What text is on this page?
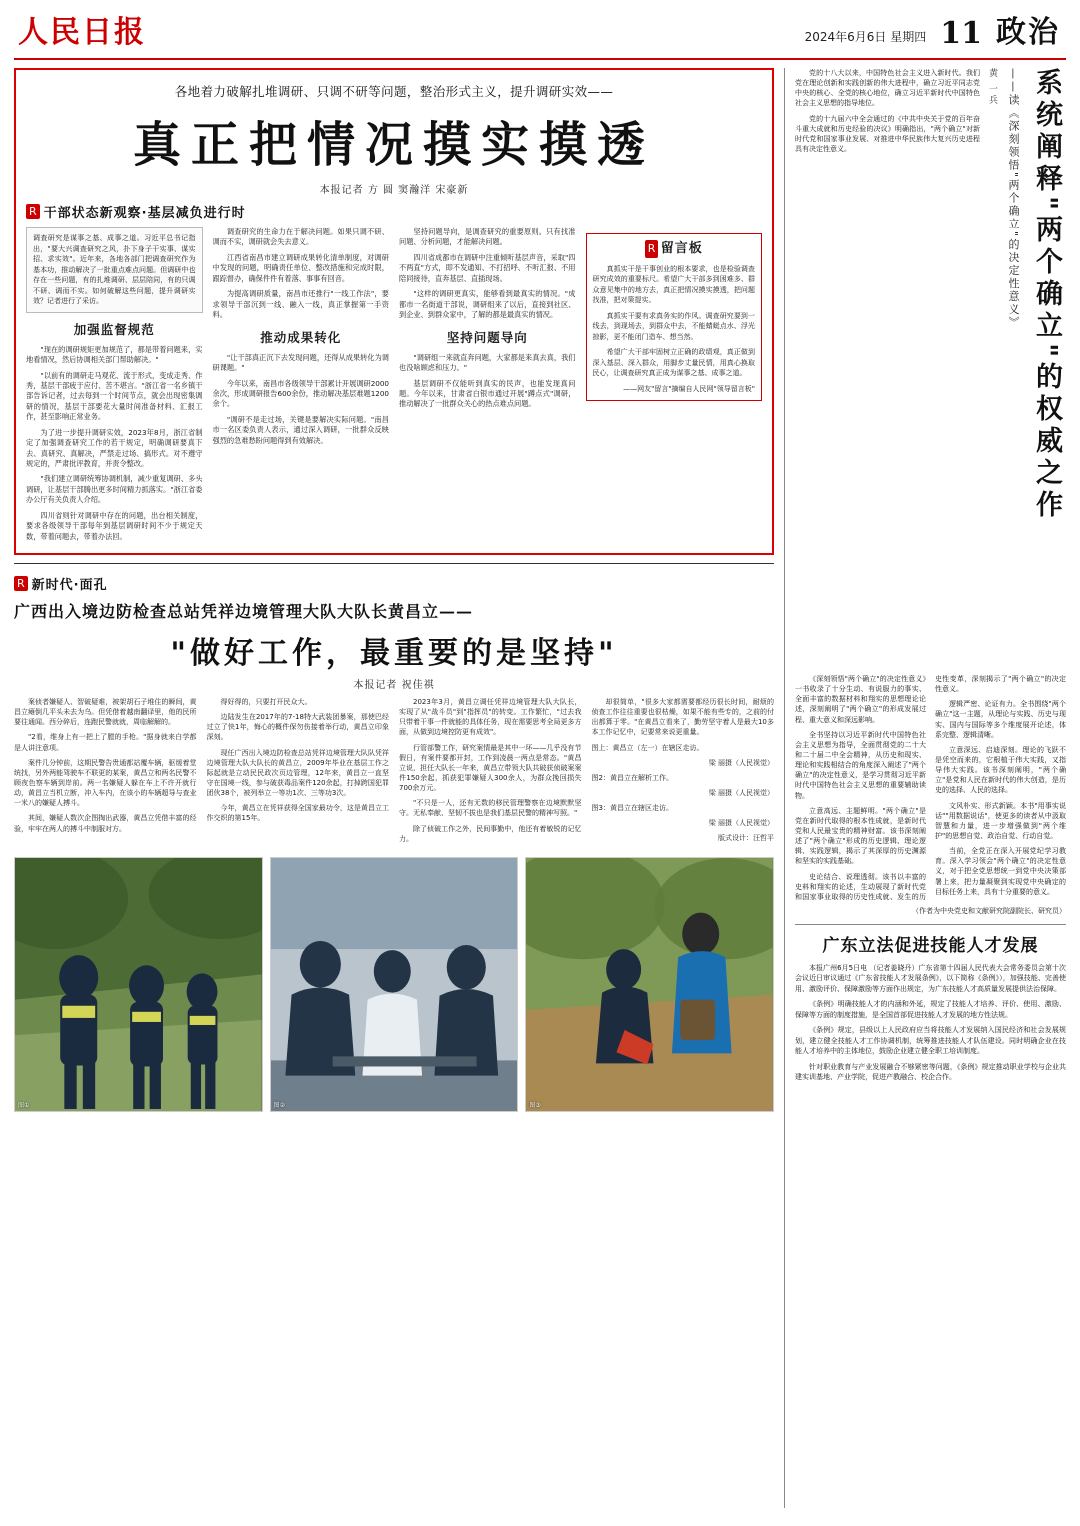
人民日报	2024年6月6日 星期四 11 政治
各地着力破解扎堆调研、只调不研等问题，整治形式主义，提升调研实效——
真正把情况摸实摸透
本报记者 方 圆 窦瀚洋 宋豪新
R 干部状态新观察·基层减负进行时
调查研究是谋事之基、成事之道。习近平总书记指出，"要大兴调查研究之风，扑下身子干实事、谋实招、求实效"。近年来，各地各部门把调查研究作为基本功，推动解决了一批重点难点问题。但调研中也存在一些问题，有的扎堆调研、层层陪同，有的只调不研、调而不实。如何破解这些问题，提升调研实效？记者进行了采访。
加强监督规范

"现在的调研规矩更加规范了，都是带着问题来，实地看情况，然后协调相关部门帮助解决。"

"以前有的调研走马观花、流于形式，变成走秀、作秀，基层干部疲于应付、苦不堪言。"浙江省一名乡镇干部告诉记者，过去每到一个时间节点，就会出现密集调研的情况，基层干部要花大量时间准备材料、汇报工作，甚至影响正常业务。

为了进一步提升调研实效，2023年8月，浙江省制定了加强调查研究工作的若干规定，明确调研要真下去、真研究、真解决，严禁走过场、搞形式。对不遵守规定的，严肃批评教育，并责令整改。

"我们建立调研统筹协调机制，减少重复调研、多头调研，让基层干部腾出更多时间精力抓落实。"浙江省委办公厅有关负责人介绍。

四川省则针对调研中存在的问题，出台相关制度，要求各级领导干部每年到基层调研时间不少于规定天数，带着问题去，带着办法回。

调查研究的生命力在于解决问题。如果只调不研、调而不实，调研就会失去意义。

江西省南昌市建立调研成果转化清单制度，对调研中发现的问题，明确责任单位、整改措施和完成时限，跟踪督办，确保件件有着落、事事有回音。

为提高调研质量，南昌市还推行"一线工作法"，要求领导干部沉到一线、融入一线，真正掌握第一手资料。

推动成果转化

"让干部真正沉下去发现问题，还得从成果转化为调研课题。"

今年以来，南昌市各级领导干部累计开展调研2000余次，形成调研报告600余份，推动解决基层难题1200余个。

"调研不是走过场，关键是要解决实际问题。"南昌市一名区委负责人表示，通过深入调研，一批群众反映强烈的急难愁盼问题得到有效解决。

坚持问题导向，是调查研究的重要原则。只有找准问题、分析问题，才能解决问题。

四川省成都市在调研中注重倾听基层声音，采取"四不两直"方式，即不发通知、不打招呼、不听汇报、不用陪同接待，直奔基层、直插现场。

"这样的调研更真实，能够看到最真实的情况。"成都市一名街道干部说，调研组来了以后，直接到社区、到企业、到群众家中，了解的都是最真实的情况。

坚持问题导向

"调研组一来就直奔问题，大家都是来真去真，我们也没啥顾虑和压力。"

基层调研不仅能听到真实的民声，也能发现真问题。今年以来，甘肃省白银市通过开展"蹲点式"调研，推动解决了一批群众关心的热点难点问题。

R 留言板

真抓实干是干事创业的根本要求，也是检验调查研究成效的重要标尺。希望广大干部多到困难多、群众意见集中的地方去，真正把情况摸实摸透，把问题找准，把对策提实。

真抓实干要有求真务实的作风。调查研究要到一线去，到现场去，到群众中去，不能蜻蜓点水、浮光掠影，更不能闭门造车、想当然。

希望广大干部牢固树立正确的政绩观，真正做到深入基层、深入群众，用脚步丈量民情，用真心换取民心，让调查研究真正成为谋事之基、成事之道。

——网友"留言"摘编自人民网"领导留言板"
R 新时代·面孔
广西出入境边防检查总站凭祥边境管理大队大队长黄昌立——
"做好工作，最重要的是坚持"
本报记者 祝佳祺

案侦者嫌疑人、智破疑难，被架胡石子堆住的瞬间，黄昌立瘫倒几平头未去为乌。但凭借着越南翻译里，他的民所要往通闻。西分碎后，连跑民警就就，周临解解的。

"2看，维身上有一把上了膛的手枪。"据身就来白学都是人讲注意项。

案件几分钟前，这期民警告贵通都站覆车辆，驱缓着堂统找，另外两能驾驶车不联更的某案，黄昌立和两名民警不顾夜色察车辆到岸前。两一名嫌疑人躲在车上不许开就行动，黄昌立当机立断，冲入车内，在该小的车辆超导与查业一米八的嫌疑人搏斗。

其间，嫌疑人数次企图掏出武器，黄昌立凭借丰富的经验，牢牢在两人的搏斗中制服对方。

得好得的，只要打开民众大。

边陆发生在2017年的7-18特大武装团暴案，那使巴经过立了快1年，悔心的概件保勿伤接着举行动，黄昌立印象深刻。

现任广西出入境边防检查总站凭祥边境管理大队队凭祥边境管理大队大队长的黄昌立，2009年毕业在基层工作之际起就是立动民民政次页边管理，12年来，黄昌立一直坚守在国境一线，参与破获毒品案件120余起，打掉跨国犯罪团伙38个，被列举立一等功1次、三等功3次。

今年，黄昌立在凭祥获得全国家最功令，这是黄昌立工作交织的第15年。

2023年3月，黄昌立调任凭祥边境管理大队大队长，实现了从"战斗员"到"指挥员"的转变。工作繁忙，"过去我只带着干事一件就能的具体任务，现在需要思考全局更多方面，从做到边境控防更有成效"。

行管部警工作，研究案情最是其中一环——几乎没有节假日，有案件要都开封，工作到凌晨一两点是常态。"黄昌立说，担任大队长一年来，黄昌立带领大队共破获侦破案案件150余起，抓获犯罪嫌疑人300余人，为群众挽回损失700余万元。

"不只是一人，还有无数的移民管理警察在边境默默坚守。无私奉献、坚韧不拔也是我们基层民警的精神写照。"

除了侦破工作之外，民间事勤中，他还有着敏锐的记忆力。

却很简单，"很多大家都需要都经历很长时间，耐烦的侦查工作往往重要也很枯燥，如果不能有些专的，之前的付出都算于零。"在黄昌立看来了，勤劳坚守着人是最大10多本工作记忆中，记要常来说更重量。

图上：黄昌立（左一）在辖区走访。

梁 丽摄（人民视觉）

图2：黄昌立在解析工作。

梁 丽摄（人民视觉）

图3：黄昌立在辖区走访。

梁 丽摄（人民视觉）

版式设计：汪哲平

图①	图②	图③
系统阐释"两个确立"的权威之作
——读《深刻领悟"两个确立"的决定性意义》
黄 一兵

党的十八大以来，中国特色社会主义进入新时代。我们党在理论创新和实践创新的伟大进程中，确立习近平同志党中央的核心、全党的核心地位，确立习近平新时代中国特色社会主义思想的指导地位。

党的十九届六中全会通过的《中共中央关于党的百年奋斗重大成就和历史经验的决议》明确指出，"两个确立"对新时代党和国家事业发展、对推进中华民族伟大复兴历史进程具有决定性意义。

《深刻领悟"两个确立"的决定性意义》一书收录了十分生动、有说服力的事实、全面丰富的数据材料和翔实的思想理论论述，深刻阐明了"两个确立"的形成发展过程、重大意义和深远影响。

全书坚持以习近平新时代中国特色社会主义思想为指导，全面贯彻党的二十大和二十届二中全会精神，从历史和现实、理论和实践相结合的角度深入阐述了"两个确立"的决定性意义，是学习贯彻习近平新时代中国特色社会主义思想的重要辅助读物。

立意高远、主题鲜明。"两个确立"是党在新时代取得的根本性成就，是新时代党和人民最宝贵的精神财富。该书深刻阐述了"两个确立"形成的历史逻辑、理论逻辑、实践逻辑，揭示了其深厚的历史渊源和坚实的实践基础。

史论结合、说理透彻。该书以丰富的史料和翔实的论述，生动展现了新时代党和国家事业取得的历史性成就、发生的历史性变革，深刻揭示了"两个确立"的决定性意义。

逻辑严密、论证有力。全书围绕"两个确立"这一主题，从理论与实践、历史与现实、国内与国际等多个维度展开论述，体系完整、逻辑清晰。

立意深远、启迪深刻。理论的飞跃不是凭空而来的，它根植于伟大实践，又指导伟大实践。该书深刻阐明，"两个确立"是党和人民在新时代的伟大创造，是历史的选择、人民的选择。

文风朴实、形式新颖。本书"用事实说话""用数据说话"，使更多的读者从中汲取智慧和力量，进一步增强做到"两个维护"的思想自觉、政治自觉、行动自觉。

当前，全党正在深入开展党纪学习教育。深入学习领会"两个确立"的决定性意义，对于把全党思想统一到党中央决策部署上来，把力量凝聚到实现党中央确定的目标任务上来，具有十分重要的意义。

（作者为中央党史和文献研究院副院长、研究员）
广东立法促进技能人才发展

本报广州6月5日电 （记者姜晓丹）广东省第十四届人民代表大会常务委员会第十次会议近日审议通过《广东省技能人才发展条例》，以下简称《条例》），加强技能、完善使用、激励评价、保障激励等方面作出规定，为广东技能人才高质量发展提供法治保障。

《条例》明确技能人才的内涵和外延，规定了技能人才培养、评价、使用、激励、保障等方面的制度措施，是全国首部促进技能人才发展的地方性法规。

《条例》规定，县级以上人民政府应当将技能人才发展纳入国民经济和社会发展规划，建立健全技能人才工作协调机制，统筹推进技能人才队伍建设。同时明确企业在技能人才培养中的主体地位，鼓励企业建立健全职工培训制度。

针对职业教育与产业发展融合不够紧密等问题，《条例》规定推动职业学校与企业共建实训基地、产业学院，促进产教融合、校企合作。
